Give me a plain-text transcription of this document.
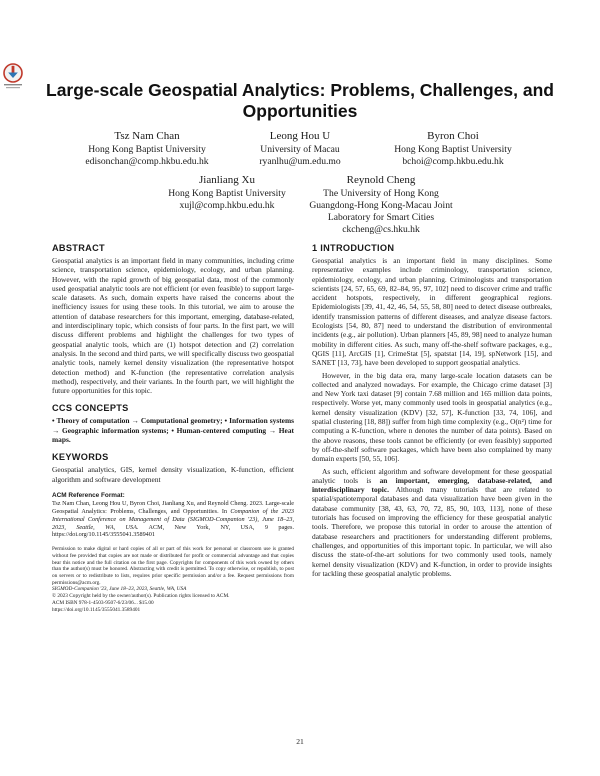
Large-scale Geospatial Analytics: Problems, Challenges, and Opportunities
Tsz Nam Chan
Hong Kong Baptist University
edisonchan@comp.hkbu.edu.hk
Leong Hou U
University of Macau
ryanlhu@um.edu.mo
Byron Choi
Hong Kong Baptist University
bchoi@comp.hkbu.edu.hk
Jianliang Xu
Hong Kong Baptist University
xujl@comp.hkbu.edu.hk
Reynold Cheng
The University of Hong Kong
Guangdong-Hong Kong-Macau Joint
Laboratory for Smart Cities
ckcheng@cs.hku.hk
ABSTRACT

Geospatial analytics is an important field in many communities, including crime science, transportation science, epidemiology, ecology, and urban planning. However, with the rapid growth of big geospatial data, most of the commonly used geospatial analytic tools are not efficient (or even feasible) to support large-scale datasets. As such, domain experts have raised the concerns about the inefficiency issues for using these tools. In this tutorial, we aim to arouse the attention of database researchers for this important, emerging, database-related, and interdisciplinary topic, which consists of four parts. In the first part, we will discuss different problems and highlight the challenges for two types of geospatial analytic tools, which are (1) hotspot detection and (2) correlation analysis. In the second and third parts, we will specifically discuss two geospatial analytic tools, namely kernel density visualization (the representative hotspot detection method) and K-function (the representative correlation analysis method), respectively, and their variants. In the fourth part, we will highlight the future opportunities for this topic.

CCS CONCEPTS

• Theory of computation → Computational geometry; • Information systems → Geographic information systems; • Human-centered computing → Heat maps.

KEYWORDS

Geospatial analytics, GIS, kernel density visualization, K-function, efficient algorithm and software development

ACM Reference Format:

Tsz Nam Chan, Leong Hou U, Byron Choi, Jianliang Xu, and Reynold Cheng. 2023. Large-scale Geospatial Analytics: Problems, Challenges, and Opportunities. In Companion of the 2023 International Conference on Management of Data (SIGMOD-Companion '23), June 18–23, 2023, Seattle, WA, USA. ACM, New York, NY, USA, 9 pages. https://doi.org/10.1145/3555041.3589401

Permission to make digital or hard copies of all or part of this work for personal or classroom use is granted without fee provided that copies are not made or distributed for profit or commercial advantage and that copies bear this notice and the full citation on the first page. Copyrights for components of this work owned by others than the author(s) must be honored. Abstracting with credit is permitted. To copy otherwise, or republish, to post on servers or to redistribute to lists, requires prior specific permission and/or a fee. Request permissions from permissions@acm.org.
SIGMOD-Companion '23, June 18–23, 2023, Seattle, WA, USA
© 2023 Copyright held by the owner/author(s). Publication rights licensed to ACM.
ACM ISBN 978-1-4503-9507-6/23/06... $15.00
https://doi.org/10.1145/3555041.3589401
1 INTRODUCTION

Geospatial analytics is an important field in many disciplines. Some representative examples include criminology, transportation science, epidemiology, ecology, and urban planning. Criminologists and transportation scientists [24, 57, 65, 69, 82–84, 95, 97, 102] need to discover crime and traffic accident hotspots, respectively, in different geographical regions. Epidemiologists [39, 41, 42, 46, 54, 55, 58, 80] need to detect disease outbreaks, identify transmission patterns of different diseases, and analyze disease factors. Ecologists [54, 80, 87] need to understand the distribution of environmental incidents (e.g., air pollution). Urban planners [45, 89, 98] need to analyze human mobility in different cities. As such, many off-the-shelf software packages, e.g., QGIS [11], ArcGIS [1], CrimeStat [5], spatstat [14, 19], spNetwork [15], and SANET [13, 73], have been developed to support geospatial analytics.

However, in the big data era, many large-scale location datasets can be collected and analyzed nowadays. For example, the Chicago crime dataset [3] and New York taxi dataset [9] contain 7.68 million and 165 million data points, respectively. Worse yet, many commonly used tools in geospatial analytics (e.g., kernel density visualization (KDV) [32, 57], K-function [33, 74, 106], and spatial clustering [18, 88]) suffer from high time complexity (e.g., O(n²) time for computing a K-function, where n denotes the number of data points). Based on the above reasons, these tools cannot be efficiently (or even feasibly) supported by off-the-shelf software packages, which have been also complained by many domain experts [50, 55, 106].

As such, efficient algorithm and software development for these geospatial analytic tools is an important, emerging, database-related, and interdisciplinary topic. Although many tutorials that are related to spatial/spatiotemporal databases and data visualization have been given in the database community [38, 43, 63, 70, 72, 85, 90, 103, 113], none of these tutorials has focused on improving the efficiency for these geospatial analytic tools. Therefore, we propose this tutorial in order to arouse the attention of database researchers and practitioners for understanding different problems, challenges, and opportunities of this important topic. In particular, we will also discuss the state-of-the-art solutions for two commonly used tools, namely kernel density visualization (KDV) and K-function, in order to provide insights for tackling these geospatial analytic problems.

21
